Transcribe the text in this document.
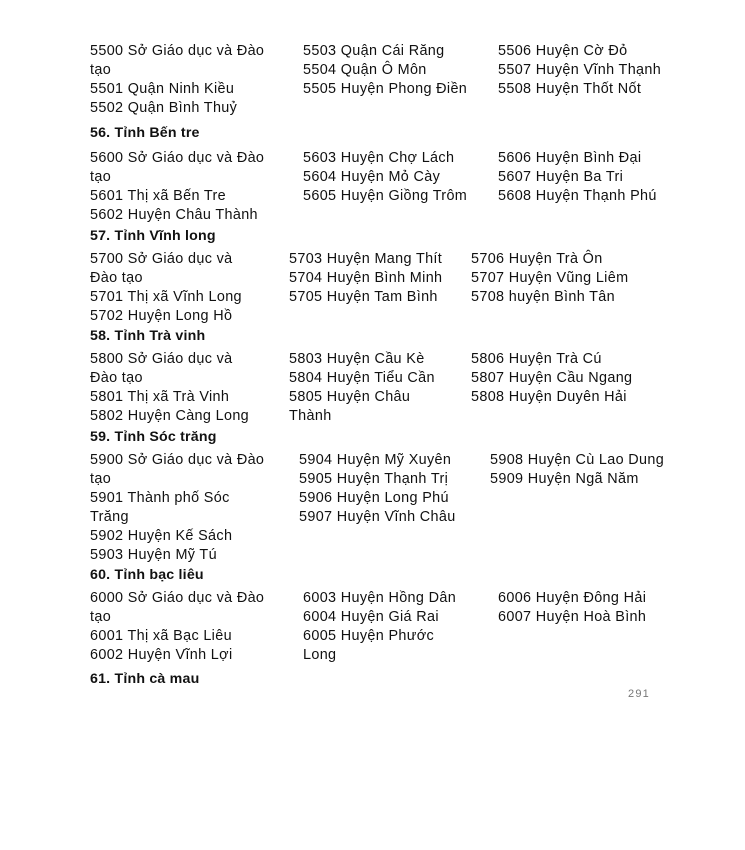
5500 Sở Giáo dục và Đào tạo
5501 Quận Ninh Kiều
5502 Quận Bình Thuỷ
5503 Quận Cái Răng
5504 Quận Ô Môn
5505 Huyện Phong Điền
5506 Huyện Cờ Đỏ
5507 Huyện Vĩnh Thạnh
5508 Huyện Thốt Nốt
56. Tỉnh Bến tre
5600 Sở Giáo dục và Đào tạo
5601 Thị xã Bến Tre
5602 Huyện Châu Thành
5603 Huyện Chợ Lách
5604 Huyện Mỏ Cày
5605 Huyện Giồng Trôm
5606 Huyện Bình Đại
5607 Huyện Ba Tri
5608 Huyện Thạnh Phú
57. Tỉnh Vĩnh long
5700 Sở Giáo dục và Đào tạo
5701 Thị xã Vĩnh Long
5702 Huyện Long Hồ
5703 Huyện Mang Thít
5704 Huyện Bình Minh
5705 Huyện Tam Bình
5706 Huyện Trà Ôn
5707 Huyện Vũng Liêm
5708 huyện Bình Tân
58. Tỉnh Trà vinh
5800 Sở Giáo dục và Đào tạo
5801 Thị xã Trà Vinh
5802 Huyện Càng Long
5803 Huyện Cầu Kè
5804 Huyện Tiểu Cần
5805 Huyện Châu Thành
5806 Huyện Trà Cú
5807 Huyện Cầu Ngang
5808 Huyện Duyên Hải
59. Tỉnh Sóc trăng
5900 Sở Giáo dục và Đào tạo
5901 Thành phố Sóc Trăng
5902 Huyện Kế Sách
5903 Huyện Mỹ Tú
5904 Huyện Mỹ Xuyên
5905 Huyện Thạnh Trị
5906 Huyện Long Phú
5907 Huyện Vĩnh Châu
5908 Huyện Cù Lao Dung
5909 Huyện Ngã Năm
60. Tỉnh bạc liêu
6000 Sở Giáo dục và Đào tạo
6001 Thị xã Bạc Liêu
6002 Huyện Vĩnh Lợi
6003 Huyện Hồng Dân
6004 Huyện Giá Rai
6005 Huyện Phước Long
6006 Huyện Đông Hải
6007 Huyện Hoà Bình
61. Tỉnh cà mau
291
